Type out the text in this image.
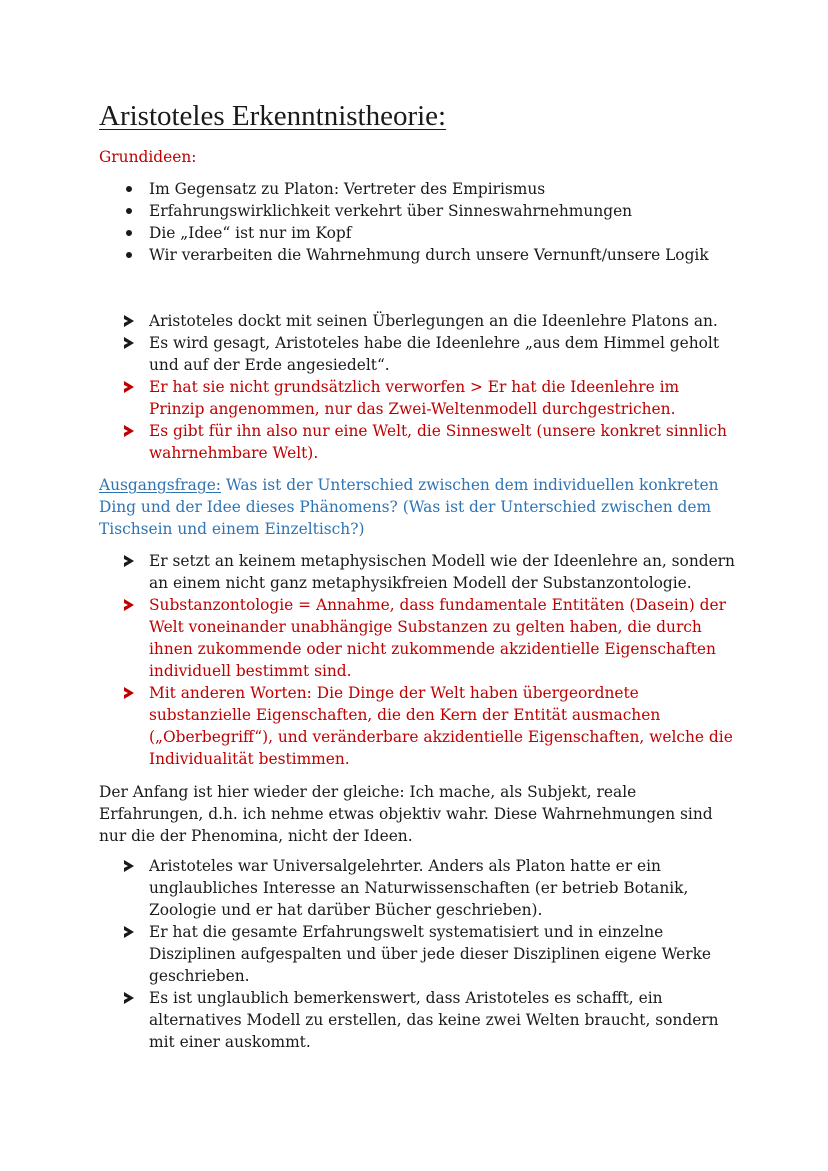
Aristoteles Erkenntnistheorie:
Grundideen:
Im Gegensatz zu Platon: Vertreter des Empirismus
Erfahrungswirklichkeit verkehrt über Sinneswahrnehmungen
Die „Idee“ ist nur im Kopf
Wir verarbeiten die Wahrnehmung durch unsere Vernunft/unsere Logik
Aristoteles dockt mit seinen Überlegungen an die Ideenlehre Platons an.
Es wird gesagt, Aristoteles habe die Ideenlehre „aus dem Himmel geholt
und auf der Erde angesiedelt“.
Er hat sie nicht grundsätzlich verworfen > Er hat die Ideenlehre im
Prinzip angenommen, nur das Zwei-Weltenmodell durchgestrichen.
Es gibt für ihn also nur eine Welt, die Sinneswelt (unsere konkret sinnlich
wahrnehmbare Welt).
Ausgangsfrage: Was ist der Unterschied zwischen dem individuellen konkreten
Ding und der Idee dieses Phänomens? (Was ist der Unterschied zwischen dem
Tischsein und einem Einzeltisch?)
Er setzt an keinem metaphysischen Modell wie der Ideenlehre an, sondern
an einem nicht ganz metaphysikfreien Modell der Substanzontologie.
Substanzontologie = Annahme, dass fundamentale Entitäten (Dasein) der
Welt voneinander unabhängige Substanzen zu gelten haben, die durch
ihnen zukommende oder nicht zukommende akzidentielle Eigenschaften
individuell bestimmt sind.
Mit anderen Worten: Die Dinge der Welt haben übergeordnete
substanzielle Eigenschaften, die den Kern der Entität ausmachen
(„Oberbegriff“), und veränderbare akzidentielle Eigenschaften, welche die
Individualität bestimmen.
Der Anfang ist hier wieder der gleiche: Ich mache, als Subjekt, reale
Erfahrungen, d.h. ich nehme etwas objektiv wahr. Diese Wahrnehmungen sind
nur die der Phenomina, nicht der Ideen.
Aristoteles war Universalgelehrter. Anders als Platon hatte er ein
unglaubliches Interesse an Naturwissenschaften (er betrieb Botanik,
Zoologie und er hat darüber Bücher geschrieben).
Er hat die gesamte Erfahrungswelt systematisiert und in einzelne
Disziplinen aufgespalten und über jede dieser Disziplinen eigene Werke
geschrieben.
Es ist unglaublich bemerkenswert, dass Aristoteles es schafft, ein
alternatives Modell zu erstellen, das keine zwei Welten braucht, sondern
mit einer auskommt.
